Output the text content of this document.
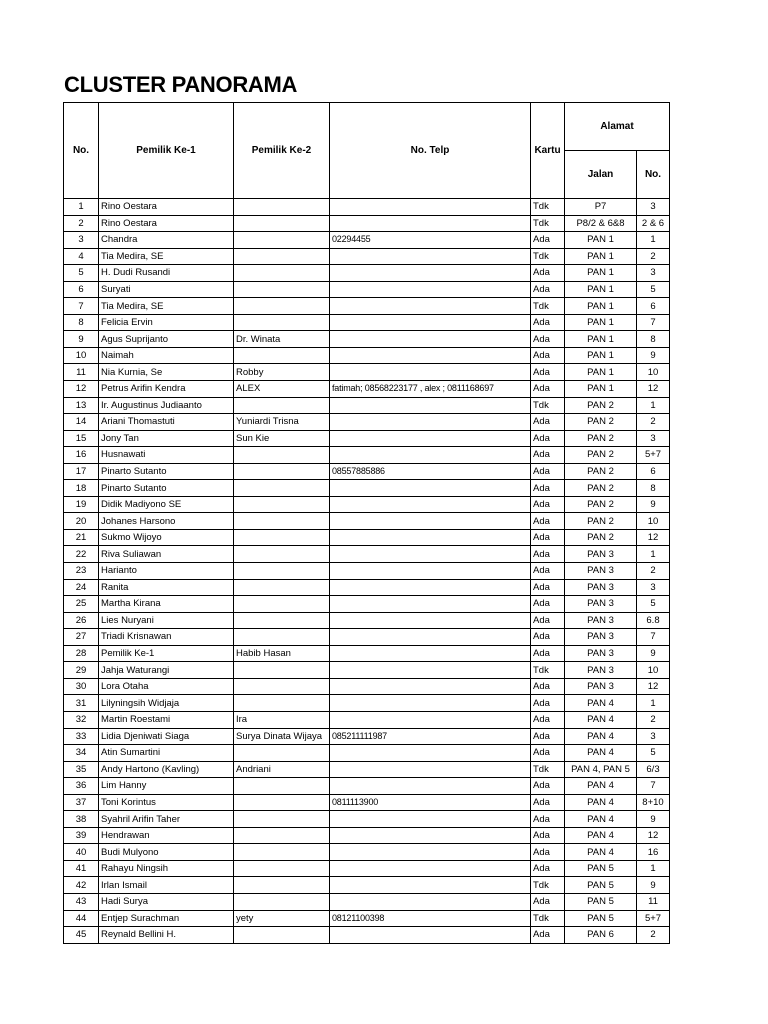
CLUSTER PANORAMA
No.	Pemilik Ke-1	Pemilik Ke-2	No. Telp	Kartu	Alamat	
					Jalan	No.
1	Rino Oestara			Tdk	P7	3
2	Rino Oestara			Tdk	P8/2 & 6&8	2 & 6
3	Chandra		02294455	Ada	PAN 1	1
4	Tia Medira, SE			Tdk	PAN 1	2
5	H. Dudi Rusandi			Ada	PAN 1	3
6	Suryati			Ada	PAN 1	5
7	Tia Medira, SE			Tdk	PAN 1	6
8	Felicia Ervin			Ada	PAN 1	7
9	Agus Suprijanto	Dr. Winata		Ada	PAN 1	8
10	Naimah			Ada	PAN 1	9
11	Nia Kurnia, Se	Robby		Ada	PAN 1	10
12	Petrus Arifin Kendra	ALEX	fatimah; 08568223177 , alex ; 0811168697	Ada	PAN 1	12
13	Ir. Augustinus Judiaanto			Tdk	PAN 2	1
14	Ariani Thomastuti	Yuniardi Trisna		Ada	PAN 2	2
15	Jony Tan	Sun Kie		Ada	PAN 2	3
16	Husnawati			Ada	PAN 2	5+7
17	Pinarto Sutanto		08557885886	Ada	PAN 2	6
18	Pinarto Sutanto			Ada	PAN 2	8
19	Didik Madiyono SE			Ada	PAN 2	9
20	Johanes Harsono			Ada	PAN 2	10
21	Sukmo Wijoyo			Ada	PAN 2	12
22	Riva Suliawan			Ada	PAN 3	1
23	Harianto			Ada	PAN 3	2
24	Ranita			Ada	PAN 3	3
25	Martha Kirana			Ada	PAN 3	5
26	Lies Nuryani			Ada	PAN 3	6.8
27	Triadi Krisnawan			Ada	PAN 3	7
28	Pemilik Ke-1	Habib Hasan		Ada	PAN 3	9
29	Jahja Waturangi			Tdk	PAN 3	10
30	Lora Otaha			Ada	PAN 3	12
31	Lilyningsih Widjaja			Ada	PAN 4	1
32	Martin Roestami	Ira		Ada	PAN 4	2
33	Lidia Djeniwati Siaga	Surya Dinata Wijaya	085211111987	Ada	PAN 4	3
34	Atin Sumartini			Ada	PAN 4	5
35	Andy Hartono (Kavling)	Andriani		Tdk	PAN 4, PAN 5	6/3
36	Lim Hanny			Ada	PAN 4	7
37	Toni Korintus		0811113900	Ada	PAN 4	8+10
38	Syahril Arifin Taher			Ada	PAN 4	9
39	Hendrawan			Ada	PAN 4	12
40	Budi Mulyono			Ada	PAN 4	16
41	Rahayu Ningsih			Ada	PAN 5	1
42	Irlan Ismail			Tdk	PAN 5	9
43	Hadi Surya			Ada	PAN 5	11
44	Entjep Surachman	yety	08121100398	Tdk	PAN 5	5+7
45	Reynald Bellini H.			Ada	PAN 6	2
